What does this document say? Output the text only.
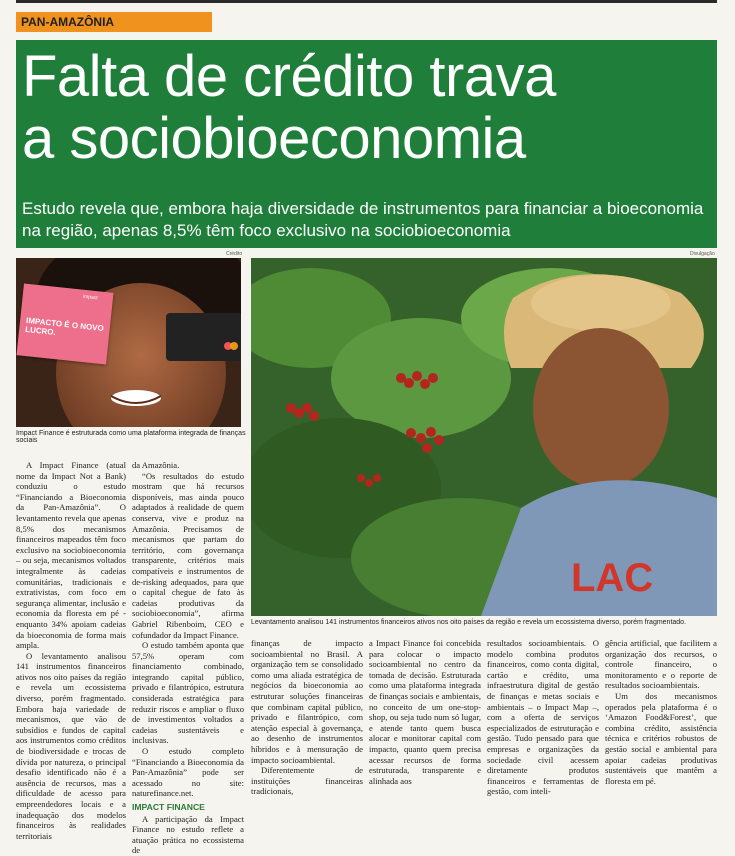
PAN-AMAZÔNIA
Falta de crédito trava
a sociobioeconomia
Estudo revela que, embora haja diversidade de instrumentos para financiar a bioeconomia na região, apenas 8,5% têm foco exclusivo na sociobioeconomia
Crédito
IMPACTO É O NOVO LUCRO.
impact
Impact Finance é estruturada como uma plataforma integrada de finanças sociais
Divulgação
LAC
Levantamento analisou 141 instrumentos financeiros ativos nos oito países da região e revela um ecossistema diverso, porém fragmentado.

A Impact Finance (atual nome da Impact Not a Bank) conduziu o estudo “Financiando a Bioeconomia da Pan-Amazônia”. O levantamento revela que apenas 8,5% dos mecanismos financeiros mapeados têm foco exclusivo na sociobioeconomia – ou seja, mecanismos voltados integralmente às cadeias comunitárias, tradicionais e extrativistas, com foco em segurança alimentar, inclusão e economia da floresta em pé - enquanto 34% apoiam cadeias da bioeconomia de forma mais ampla.

O levantamento analisou 141 instrumentos financeiros ativos nos oito países da região e revela um ecossistema diverso, porém fragmentado. Embora haja variedade de mecanismos, que vão de subsídios e fundos de capital aos instrumentos como créditos de biodiversidade e trocas de dívida por natureza, o principal desafio identificado não é a ausência de recursos, mas a dificuldade de acesso para empreendedores locais e a inadequação dos modelos financeiros às realidades territoriais

da Amazônia.

“Os resultados do estudo mostram que há recursos disponíveis, mas ainda pouco adaptados à realidade de quem conserva, vive e produz na Amazônia. Precisamos de mecanismos que partam do território, com governança transparente, critérios mais compatíveis e instrumentos de de-risking adequados, para que o capital chegue de fato às cadeias produtivas da sociobioeconomia”, afirma Gabriel Ribenboim, CEO e cofundador da Impact Finance.

O estudo também aponta que 57,5% operam com financiamento combinado, integrando capital público, privado e filantrópico, estrutura considerada estratégica para reduzir riscos e ampliar o fluxo de investimentos voltados a cadeias sustentáveis e inclusivas.

O estudo completo “Financiando a Bioeconomia da Pan-Amazônia” pode ser acessado no site: naturefinance.net.

IMPACT FINANCE

A participação da Impact Finance no estudo reflete a atuação prática no ecossistema de

finanças de impacto socioambiental no Brasil. A organização tem se consolidado como uma aliada estratégica de negócios da bioeconomia ao estruturar soluções financeiras que combinam capital público, privado e filantrópico, com atenção especial à governança, ao desenho de instrumentos híbridos e à mensuração de impacto socioambiental.

Diferentemente de instituições financeiras tradicionais,

a Impact Finance foi concebida para colocar o impacto socioambiental no centro da tomada de decisão. Estruturada como uma plataforma integrada de finanças sociais e ambientais, no conceito de um one-stop-shop, ou seja tudo num só lugar, e atende tanto quem busca alocar e monitorar capital com impacto, quanto quem precisa acessar recursos de forma estruturada, transparente e alinhada aos

resultados socioambientais. O modelo combina produtos financeiros, como conta digital, cartão e crédito, uma infraestrutura digital de gestão de finanças e metas sociais e ambientais – o Impact Map –, com a oferta de serviços especializados de estruturação e gestão. Tudo pensado para que empresas e organizações da sociedade civil acessem diretamente produtos financeiros e ferramentas de gestão, com inteli-

gência artificial, que facilitem a organização dos recursos, o controle financeiro, o monitoramento e o reporte de resultados socioambientais.

Um dos mecanismos operados pela plataforma é o ‘Amazon Food&Forest’, que combina crédito, assistência técnica e critérios robustos de gestão social e ambiental para apoiar cadeias produtivas sustentáveis que mantêm a floresta em pé.
